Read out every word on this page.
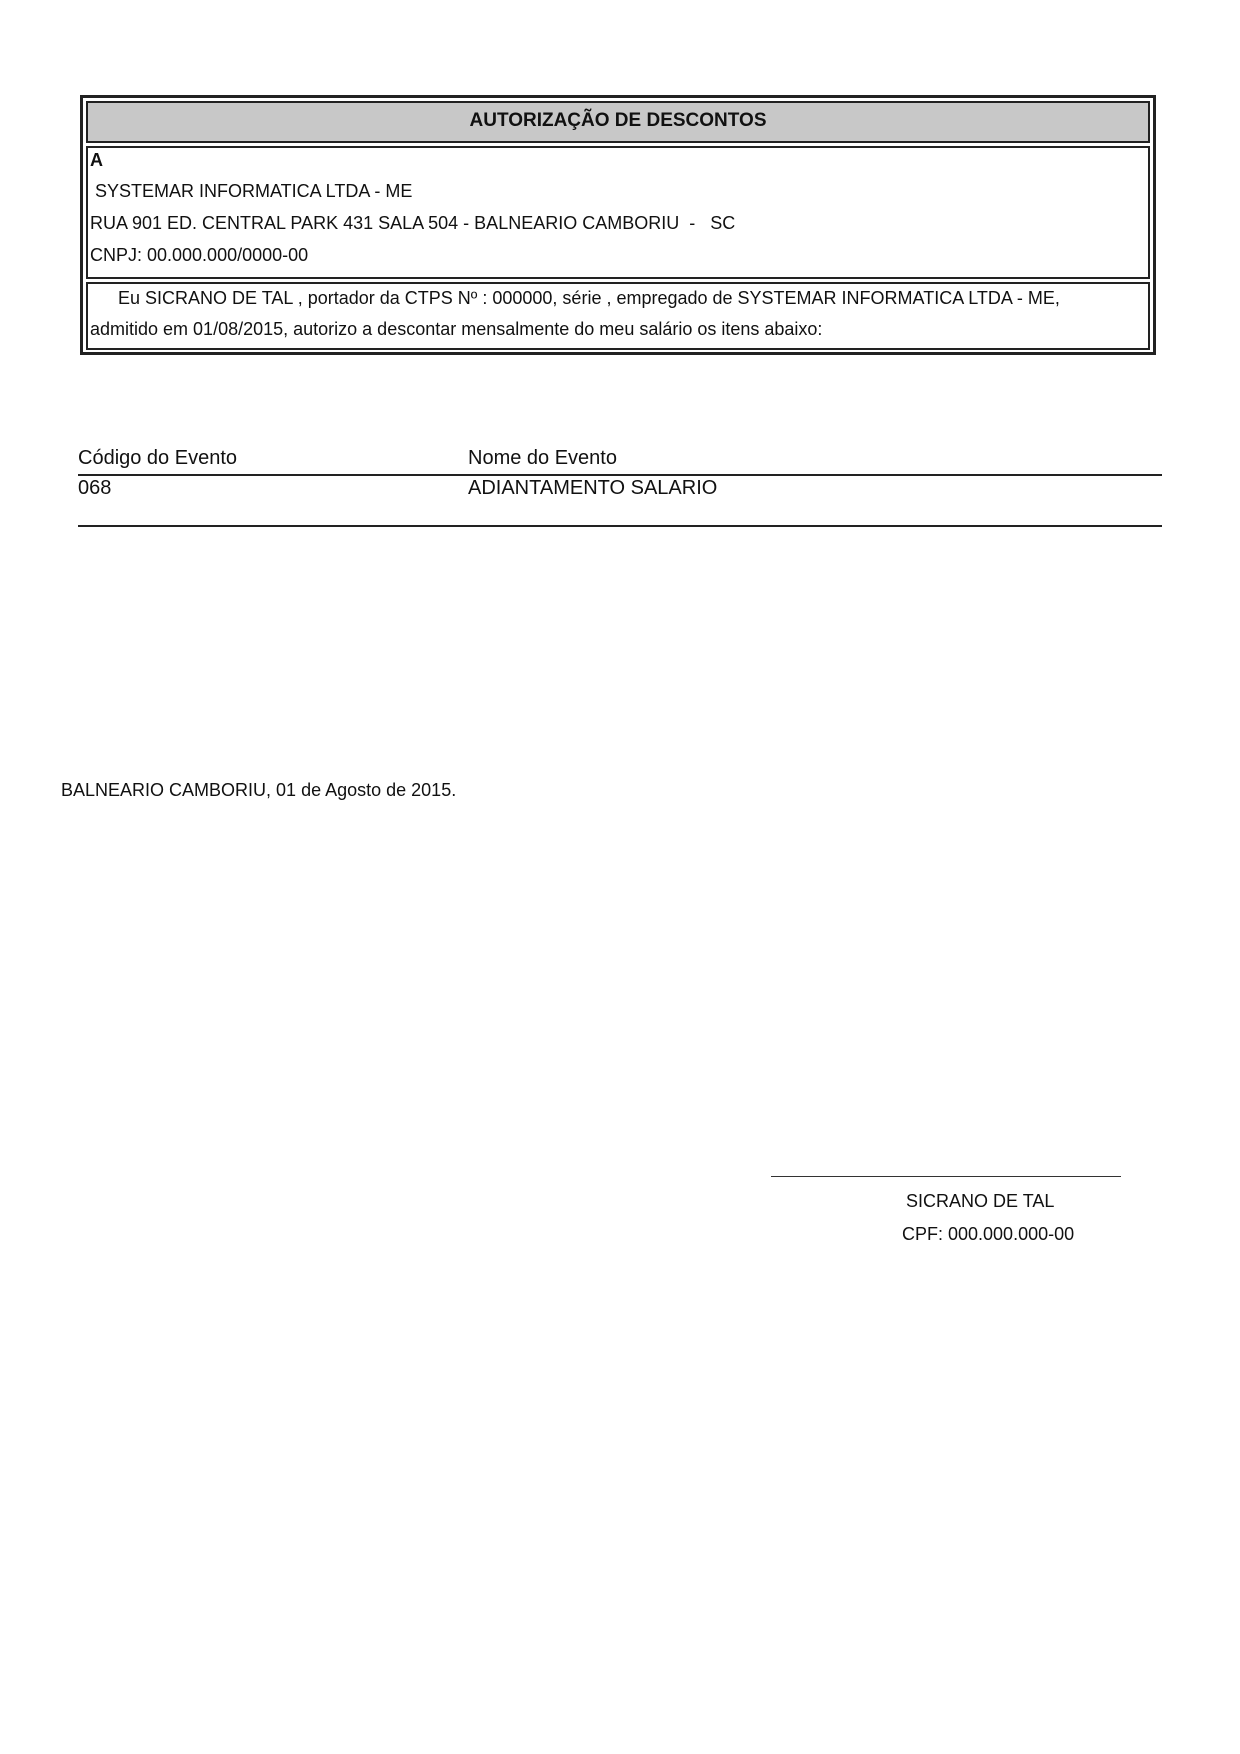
AUTORIZAÇÃO DE DESCONTOS
A
SYSTEMAR INFORMATICA LTDA - ME
RUA 901 ED. CENTRAL PARK 431 SALA 504 - BALNEARIO CAMBORIU  -   SC
CNPJ: 00.000.000/0000-00
Eu SICRANO DE TAL , portador da CTPS Nº : 000000, série , empregado de SYSTEMAR INFORMATICA LTDA - ME,
admitido em 01/08/2015, autorizo a descontar mensalmente do meu salário os itens abaixo:
Código do Evento	Nome do Evento
068	ADIANTAMENTO SALARIO
BALNEARIO CAMBORIU, 01 de Agosto de 2015.
SICRANO DE TAL
CPF: 000.000.000-00
